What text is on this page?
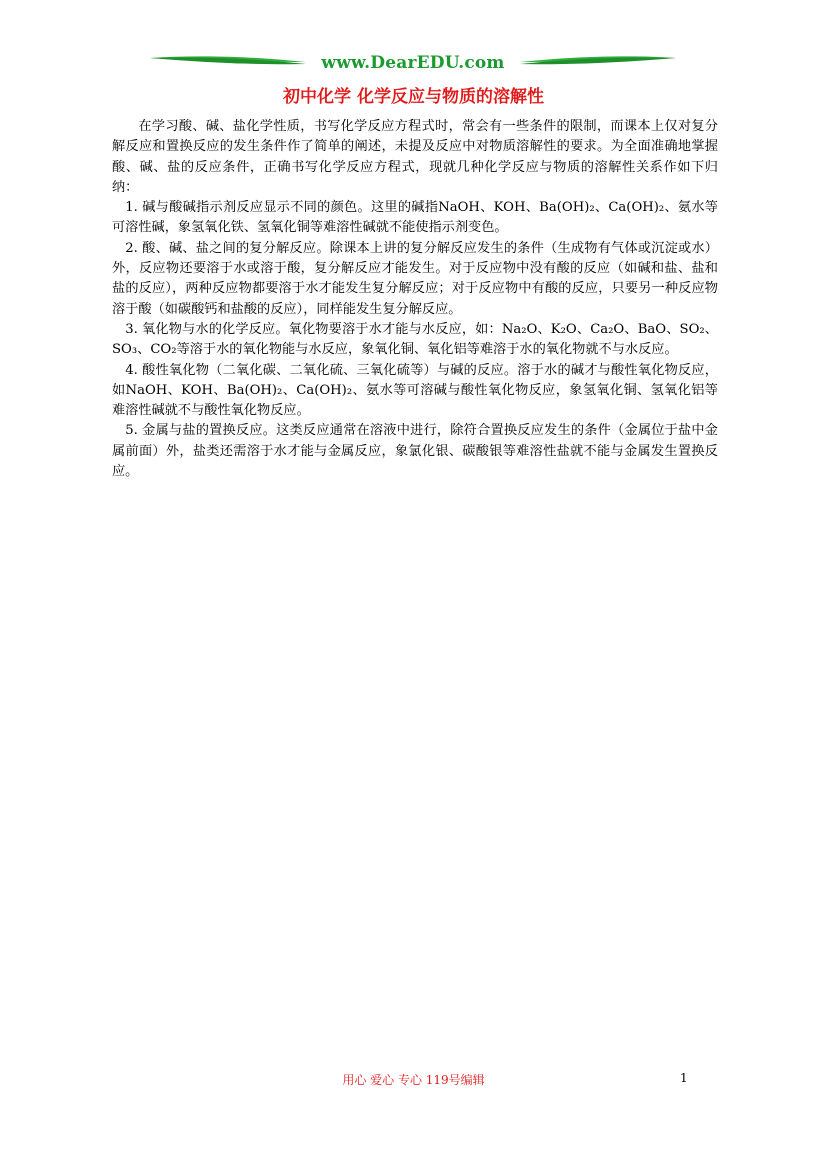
www.DearEDU.com
初中化学 化学反应与物质的溶解性

在学习酸、碱、盐化学性质，书写化学反应方程式时，常会有一些条件的限制，而课本上仅对复分解反应和置换反应的发生条件作了简单的阐述，未提及反应中对物质溶解性的要求。为全面准确地掌握酸、碱、盐的反应条件，正确书写化学反应方程式，现就几种化学反应与物质的溶解性关系作如下归纳：

1. 碱与酸碱指示剂反应显示不同的颜色。这里的碱指NaOH、KOH、Ba(OH)₂、Ca(OH)₂、氨水等可溶性碱，象氢氧化铁、氢氧化铜等难溶性碱就不能使指示剂变色。

2. 酸、碱、盐之间的复分解反应。除课本上讲的复分解反应发生的条件（生成物有气体或沉淀或水）外，反应物还要溶于水或溶于酸，复分解反应才能发生。对于反应物中没有酸的反应（如碱和盐、盐和盐的反应），两种反应物都要溶于水才能发生复分解反应；对于反应物中有酸的反应，只要另一种反应物溶于酸（如碳酸钙和盐酸的反应），同样能发生复分解反应。

3. 氧化物与水的化学反应。氧化物要溶于水才能与水反应，如：Na₂O、K₂O、Ca₂O、BaO、SO₂、SO₃、CO₂等溶于水的氧化物能与水反应，象氧化铜、氧化铝等难溶于水的氧化物就不与水反应。

4. 酸性氧化物（二氧化碳、二氧化硫、三氧化硫等）与碱的反应。溶于水的碱才与酸性氧化物反应，如NaOH、KOH、Ba(OH)₂、Ca(OH)₂、氨水等可溶碱与酸性氧化物反应，象氢氧化铜、氢氧化铝等难溶性碱就不与酸性氧化物反应。

5. 金属与盐的置换反应。这类反应通常在溶液中进行，除符合置换反应发生的条件（金属位于盐中金属前面）外，盐类还需溶于水才能与金属反应，象氯化银、碳酸银等难溶性盐就不能与金属发生置换反应。

用心 爱心 专心 119号编辑	1
